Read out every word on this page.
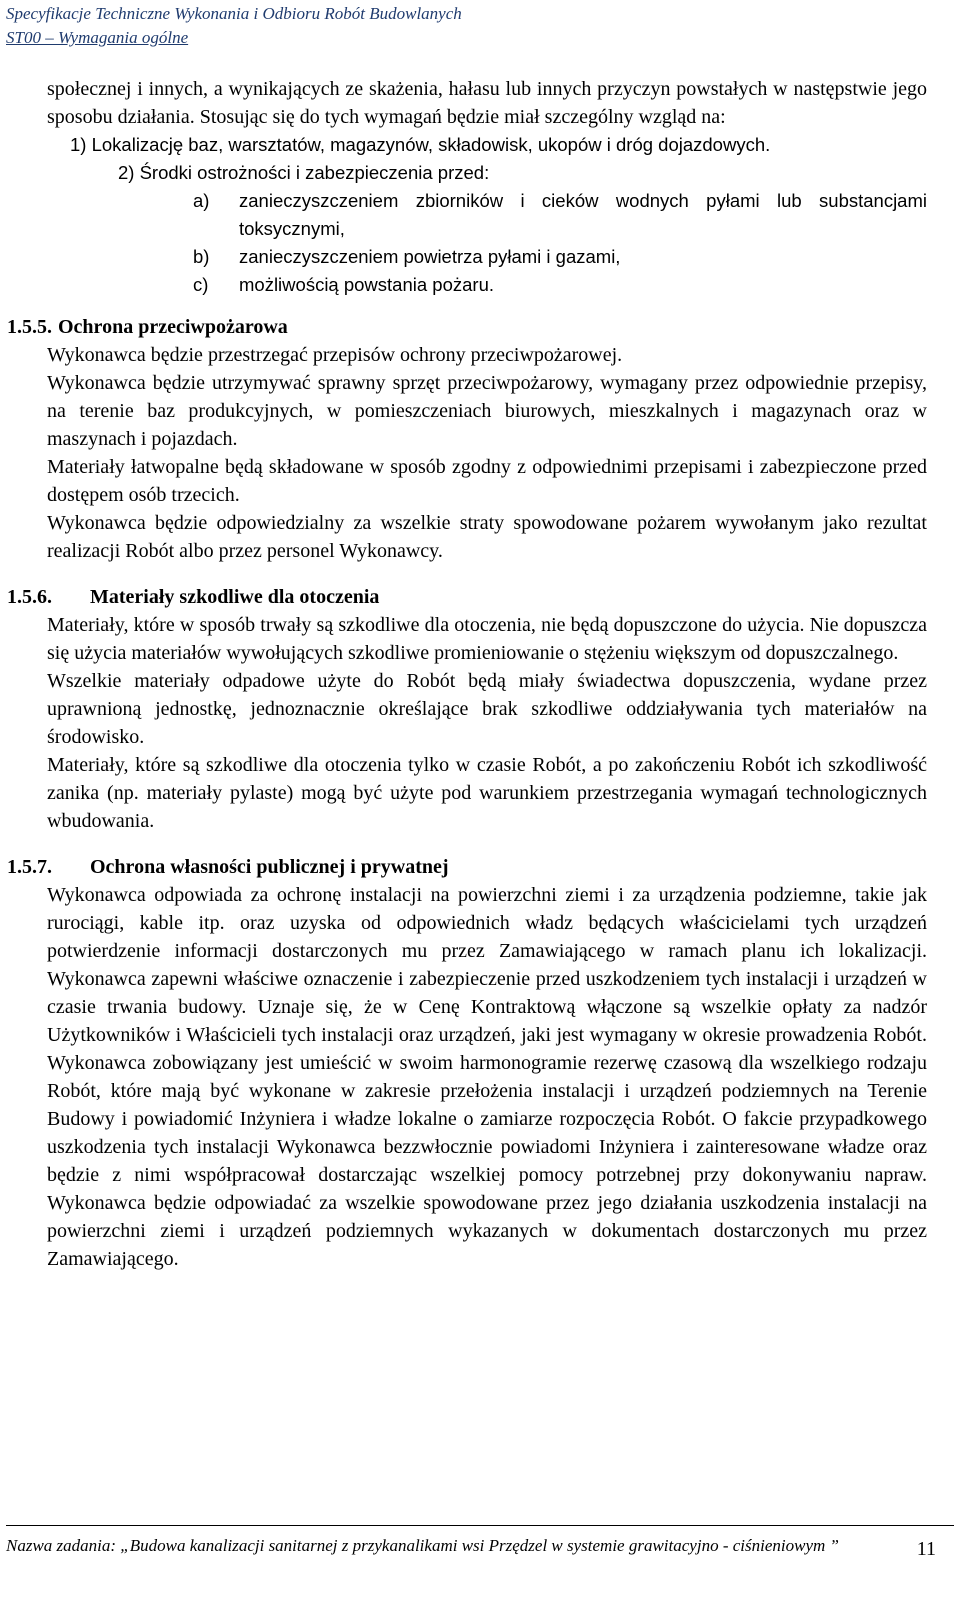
Specyfikacje Techniczne Wykonania i Odbioru Robót Budowlanych
ST00 – Wymagania ogólne

społecznej i innych, a wynikających ze skażenia, hałasu lub innych przyczyn powstałych w następstwie jego sposobu działania. Stosując się do tych wymagań będzie miał szczególny wzgląd na:

1) Lokalizację baz, warsztatów, magazynów, składowisk, ukopów i dróg dojazdowych.

2) Środki ostrożności i zabezpieczenia przed:

a)	zanieczyszczeniem zbiorników i cieków wodnych pyłami lub substancjami toksycznymi,
b)	zanieczyszczeniem powietrza pyłami i gazami,
c)	możliwością powstania pożaru.
1.5.5. Ochrona przeciwpożarowa

Wykonawca będzie przestrzegać przepisów ochrony przeciwpożarowej.

Wykonawca będzie utrzymywać sprawny sprzęt przeciwpożarowy, wymagany przez odpowiednie przepisy, na terenie baz produkcyjnych, w pomieszczeniach biurowych, mieszkalnych i magazynach oraz w maszynach i pojazdach.

Materiały łatwopalne będą składowane w sposób zgodny z odpowiednimi przepisami i zabezpieczone przed dostępem osób trzecich.

Wykonawca będzie odpowiedzialny za wszelkie straty spowodowane pożarem wywołanym jako rezultat realizacji Robót albo przez personel Wykonawcy.

1.5.6.	Materiały szkodliwe dla otoczenia

Materiały, które w sposób trwały są szkodliwe dla otoczenia, nie będą dopuszczone do użycia. Nie dopuszcza się użycia materiałów wywołujących szkodliwe promieniowanie o stężeniu większym od dopuszczalnego.

Wszelkie materiały odpadowe użyte do Robót będą miały świadectwa dopuszczenia, wydane przez uprawnioną jednostkę, jednoznacznie określające brak szkodliwe oddziaływania tych materiałów na środowisko.

Materiały, które są szkodliwe dla otoczenia tylko w czasie Robót, a po zakończeniu Robót ich szkodliwość zanika (np. materiały pylaste) mogą być użyte pod warunkiem przestrzegania wymagań technologicznych wbudowania.

1.5.7.	Ochrona własności publicznej i prywatnej

Wykonawca odpowiada za ochronę instalacji na powierzchni ziemi i za urządzenia podziemne, takie jak rurociągi, kable itp. oraz uzyska od odpowiednich władz będących właścicielami tych urządzeń potwierdzenie informacji dostarczonych mu przez Zamawiającego w ramach planu ich lokalizacji. Wykonawca zapewni właściwe oznaczenie i zabezpieczenie przed uszkodzeniem tych instalacji i urządzeń w czasie trwania budowy. Uznaje się, że w Cenę Kontraktową włączone są wszelkie opłaty za nadzór Użytkowników i Właścicieli tych instalacji oraz urządzeń, jaki jest wymagany w okresie prowadzenia Robót. Wykonawca zobowiązany jest umieścić w swoim harmonogramie rezerwę czasową dla wszelkiego rodzaju Robót, które mają być wykonane w zakresie przełożenia instalacji i urządzeń podziemnych na Terenie Budowy i powiadomić Inżyniera i władze lokalne o zamiarze rozpoczęcia Robót. O fakcie przypadkowego uszkodzenia tych instalacji Wykonawca bezzwłocznie powiadomi Inżyniera i zainteresowane władze oraz będzie z nimi współpracował dostarczając wszelkiej pomocy potrzebnej przy dokonywaniu napraw. Wykonawca będzie odpowiadać za wszelkie spowodowane przez jego działania uszkodzenia instalacji na powierzchni ziemi i urządzeń podziemnych wykazanych w dokumentach dostarczonych mu przez Zamawiającego.

Nazwa zadania: „Budowa kanalizacji sanitarnej z przykanalikami wsi Przędzel w systemie grawitacyjno - ciśnieniowym ”	11
